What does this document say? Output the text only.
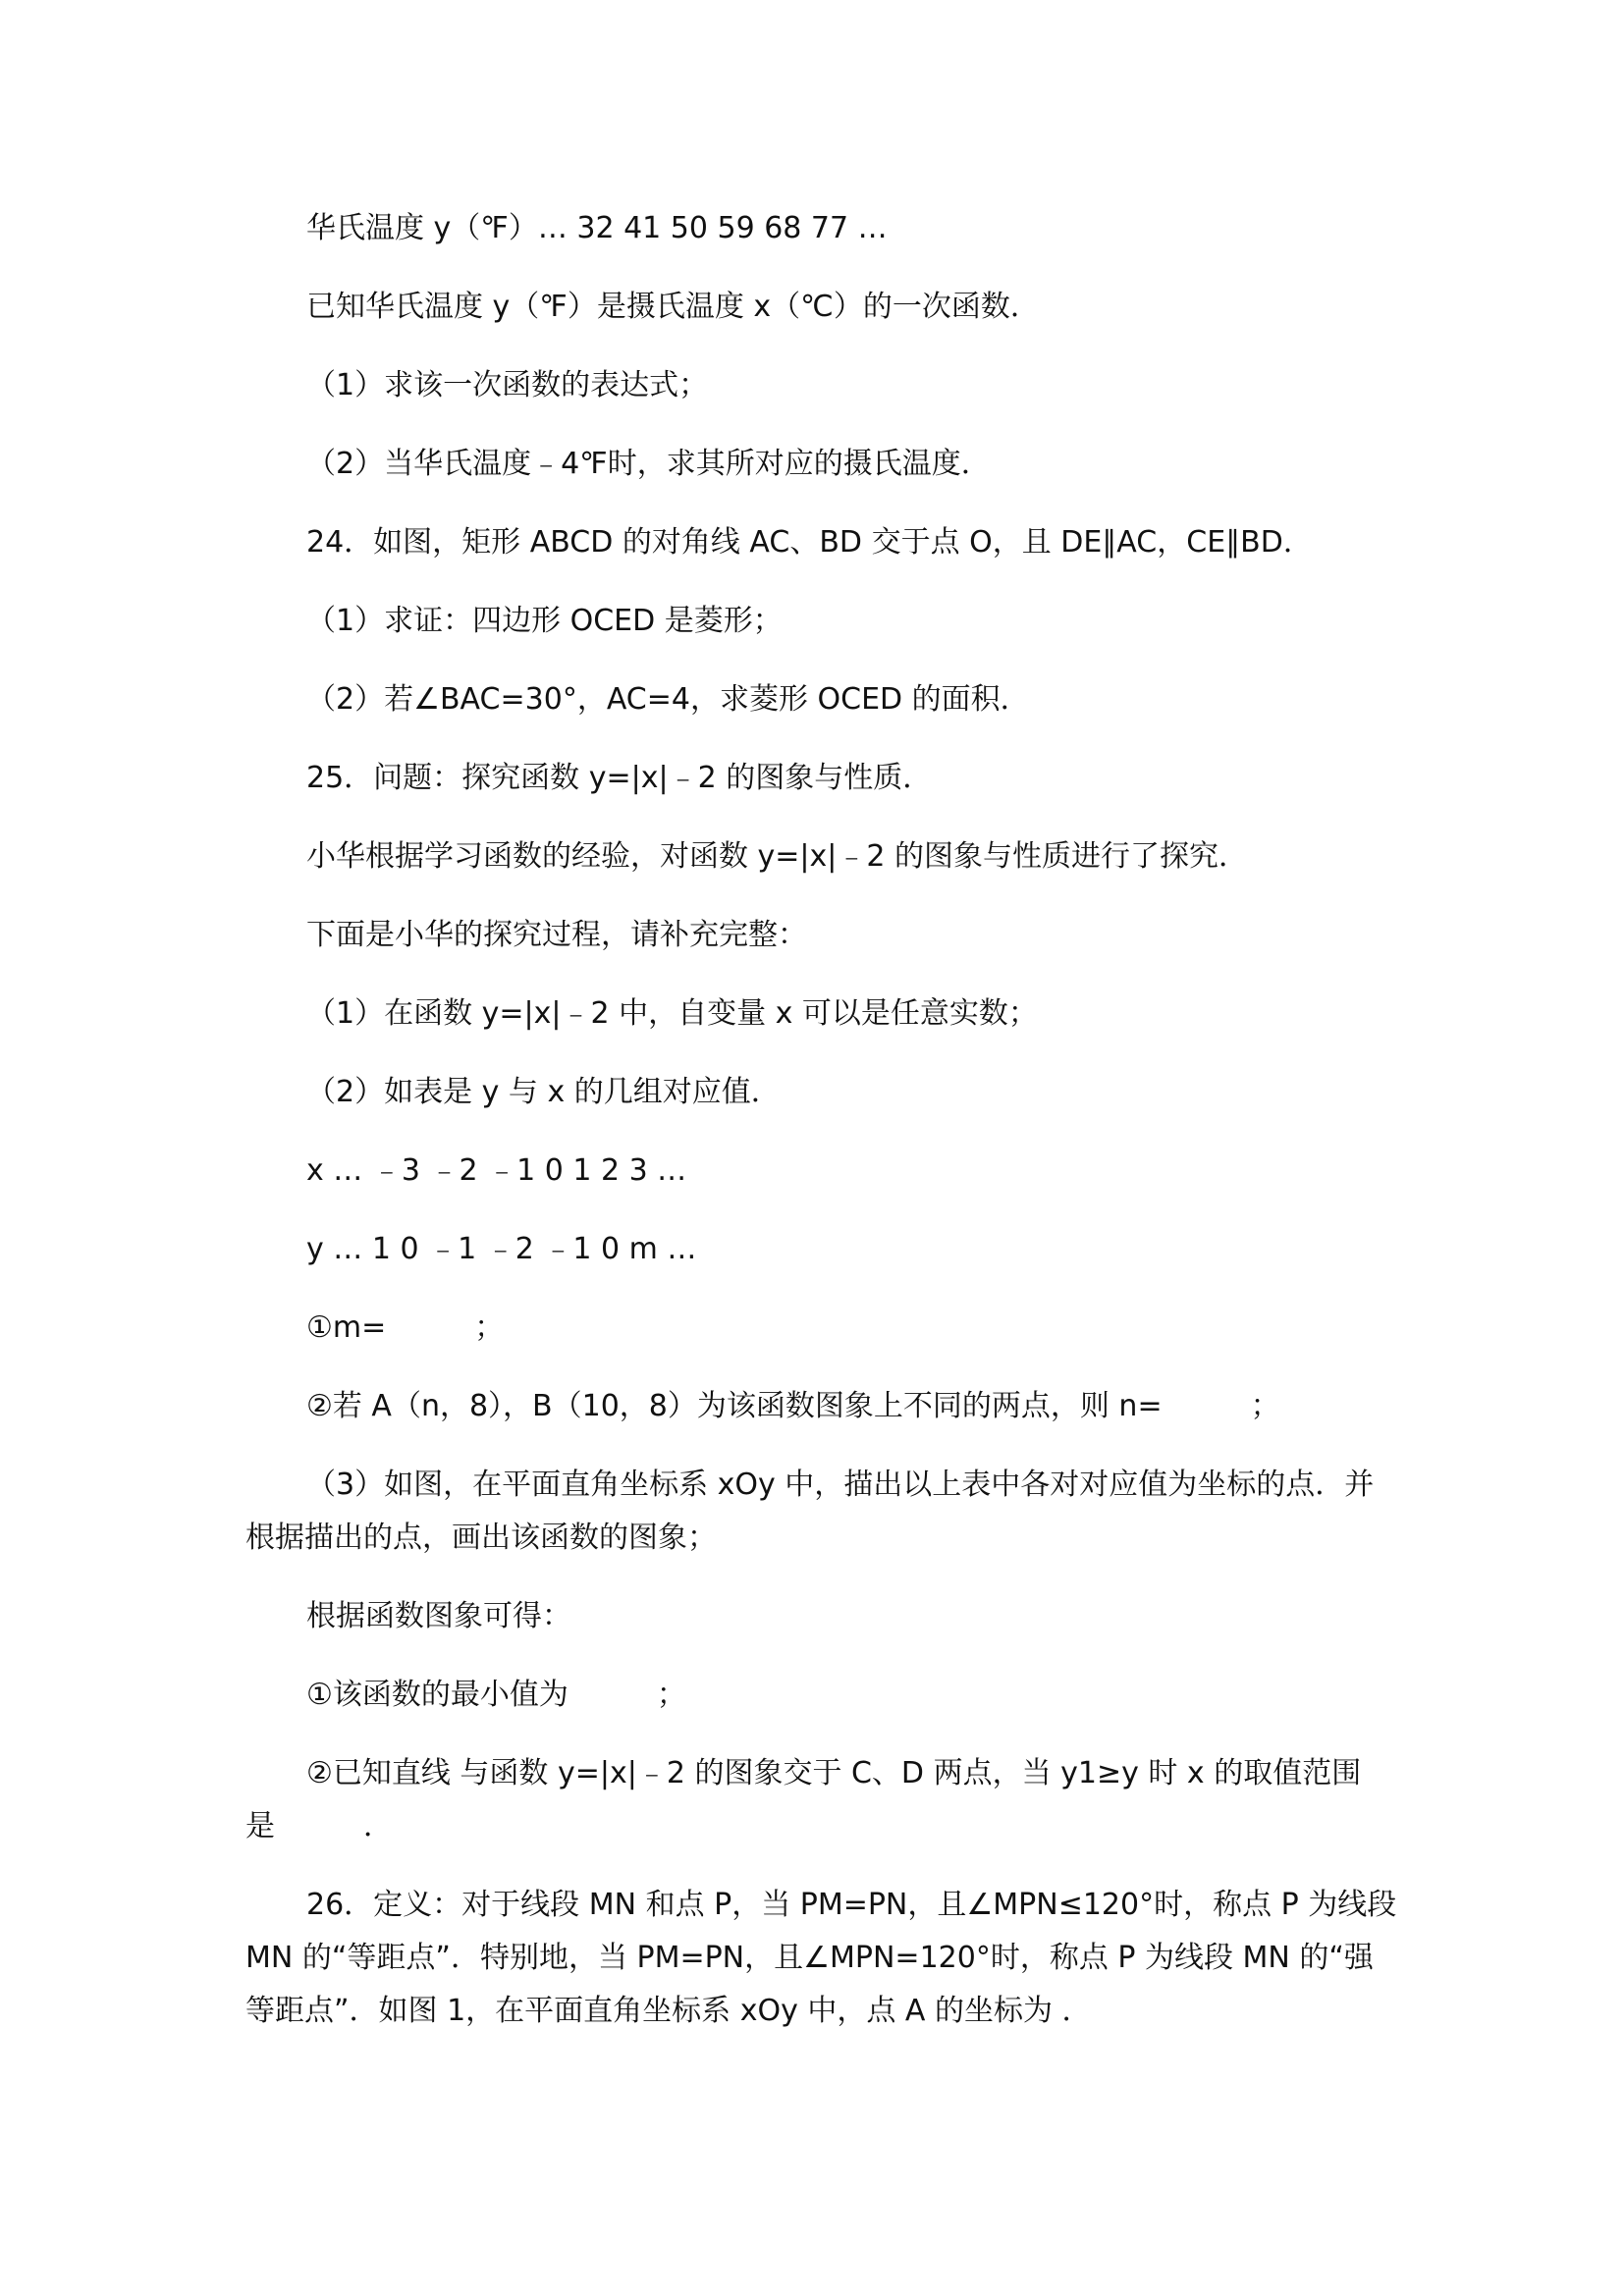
华氏温度 y（℉）… 32 41 50 59 68 77 …
已知华氏温度 y（℉）是摄氏温度 x（℃）的一次函数．
（1）求该一次函数的表达式；
（2）当华氏温度﹣4℉时，求其所对应的摄氏温度．
24．如图，矩形 ABCD 的对角线 AC、BD 交于点 O，且 DE∥AC，CE∥BD．
（1）求证：四边形 OCED 是菱形；
（2）若∠BAC=30°，AC=4，求菱形 OCED 的面积．
25．问题：探究函数 y=|x|﹣2 的图象与性质．
小华根据学习函数的经验，对函数 y=|x|﹣2 的图象与性质进行了探究．
下面是小华的探究过程，请补充完整：
（1）在函数 y=|x|﹣2 中，自变量 x 可以是任意实数；
（2）如表是 y 与 x 的几组对应值．
x … ﹣3 ﹣2 ﹣1 0 1 2 3 …
y … 1 0 ﹣1 ﹣2 ﹣1 0 m …
①m=　　　；
②若 A（n，8），B（10，8）为该函数图象上不同的两点，则 n=　　　；
（3）如图，在平面直角坐标系 xOy 中，描出以上表中各对对应值为坐标的点．并
根据描出的点，画出该函数的图象；
根据函数图象可得：
①该函数的最小值为　　　；
②已知直线 与函数 y=|x|﹣2 的图象交于 C、D 两点，当 y1≥y 时 x 的取值范围
是　　　．
26．定义：对于线段 MN 和点 P，当 PM=PN，且∠MPN≤120°时，称点 P 为线段
MN 的“等距点”．特别地，当 PM=PN，且∠MPN=120°时，称点 P 为线段 MN 的“强
等距点”．如图 1，在平面直角坐标系 xOy 中，点 A 的坐标为 ．
